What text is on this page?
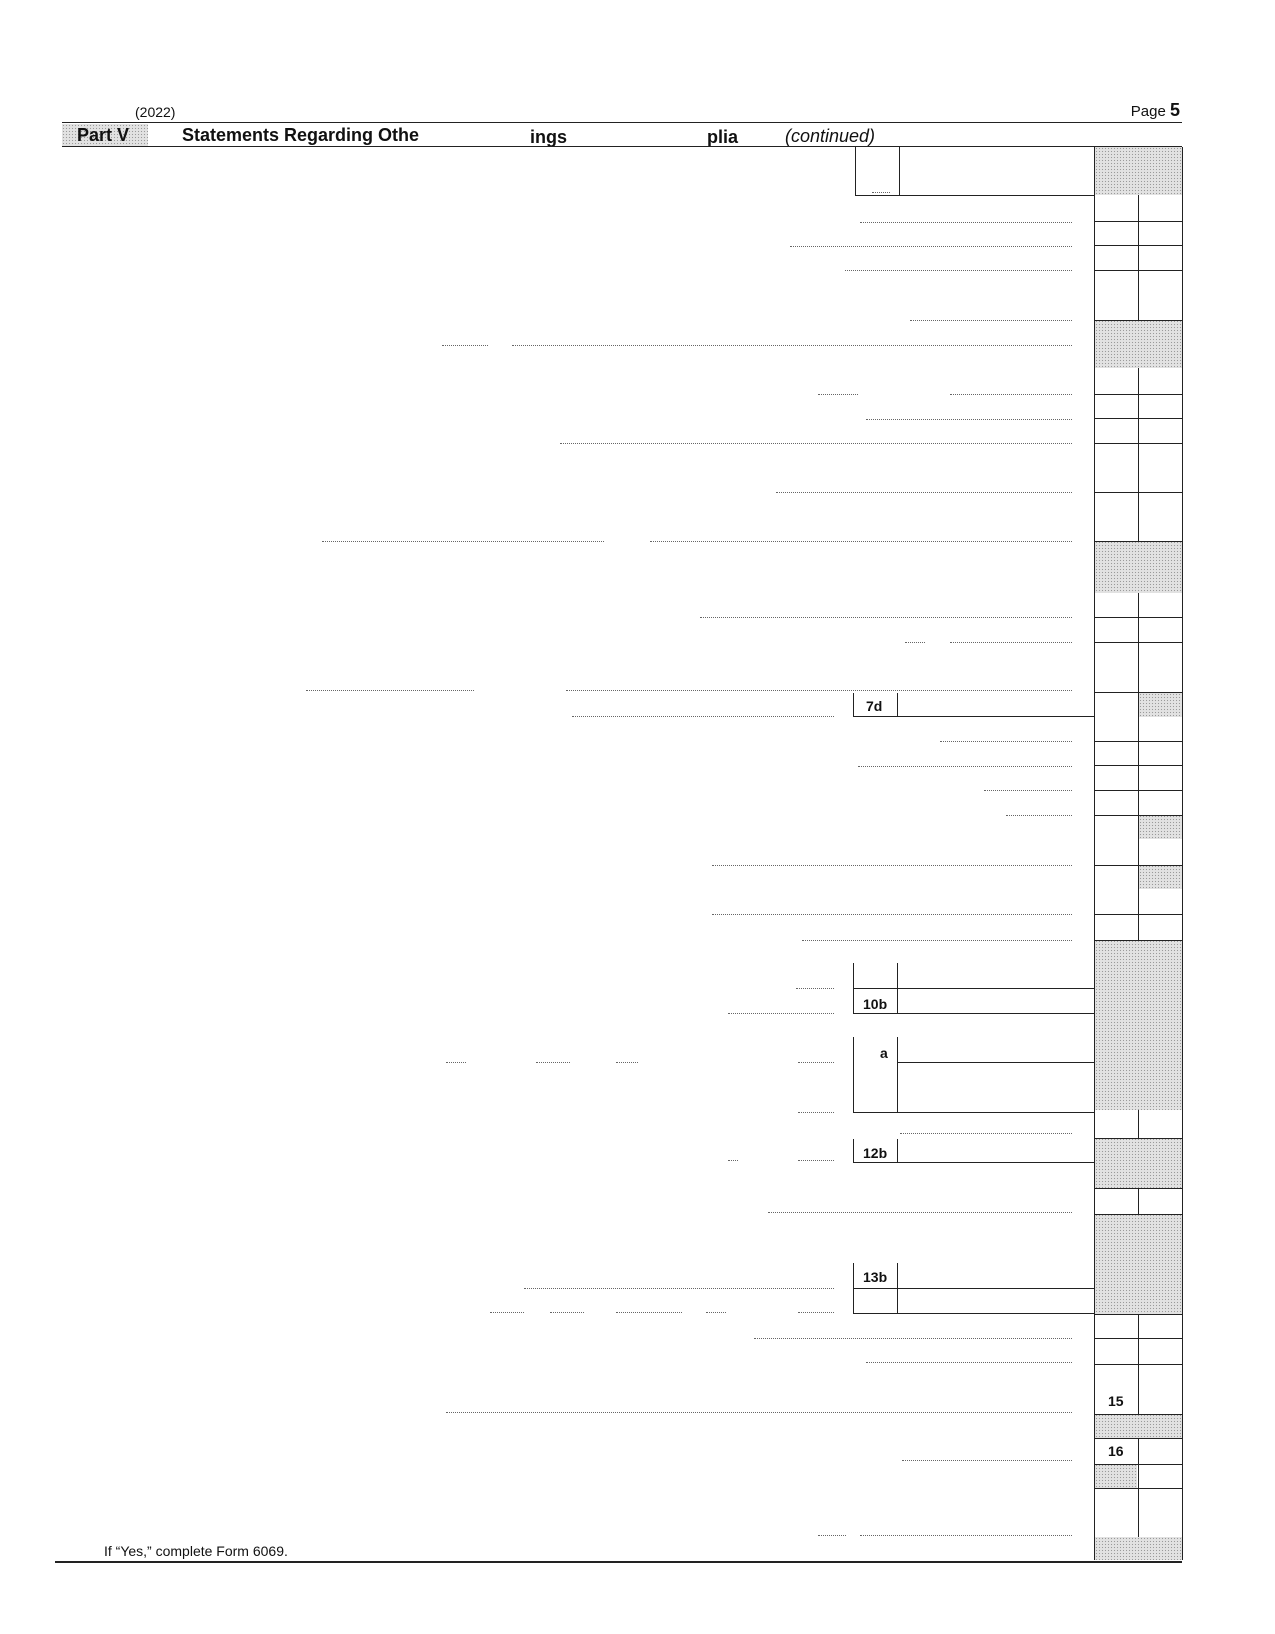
(2022)	Page 5
Part V	Statements Regarding Othe	ings	plia	(continued)
15
16
7d
10b
a
12b
13b
If “Yes,” complete Form 6069.
